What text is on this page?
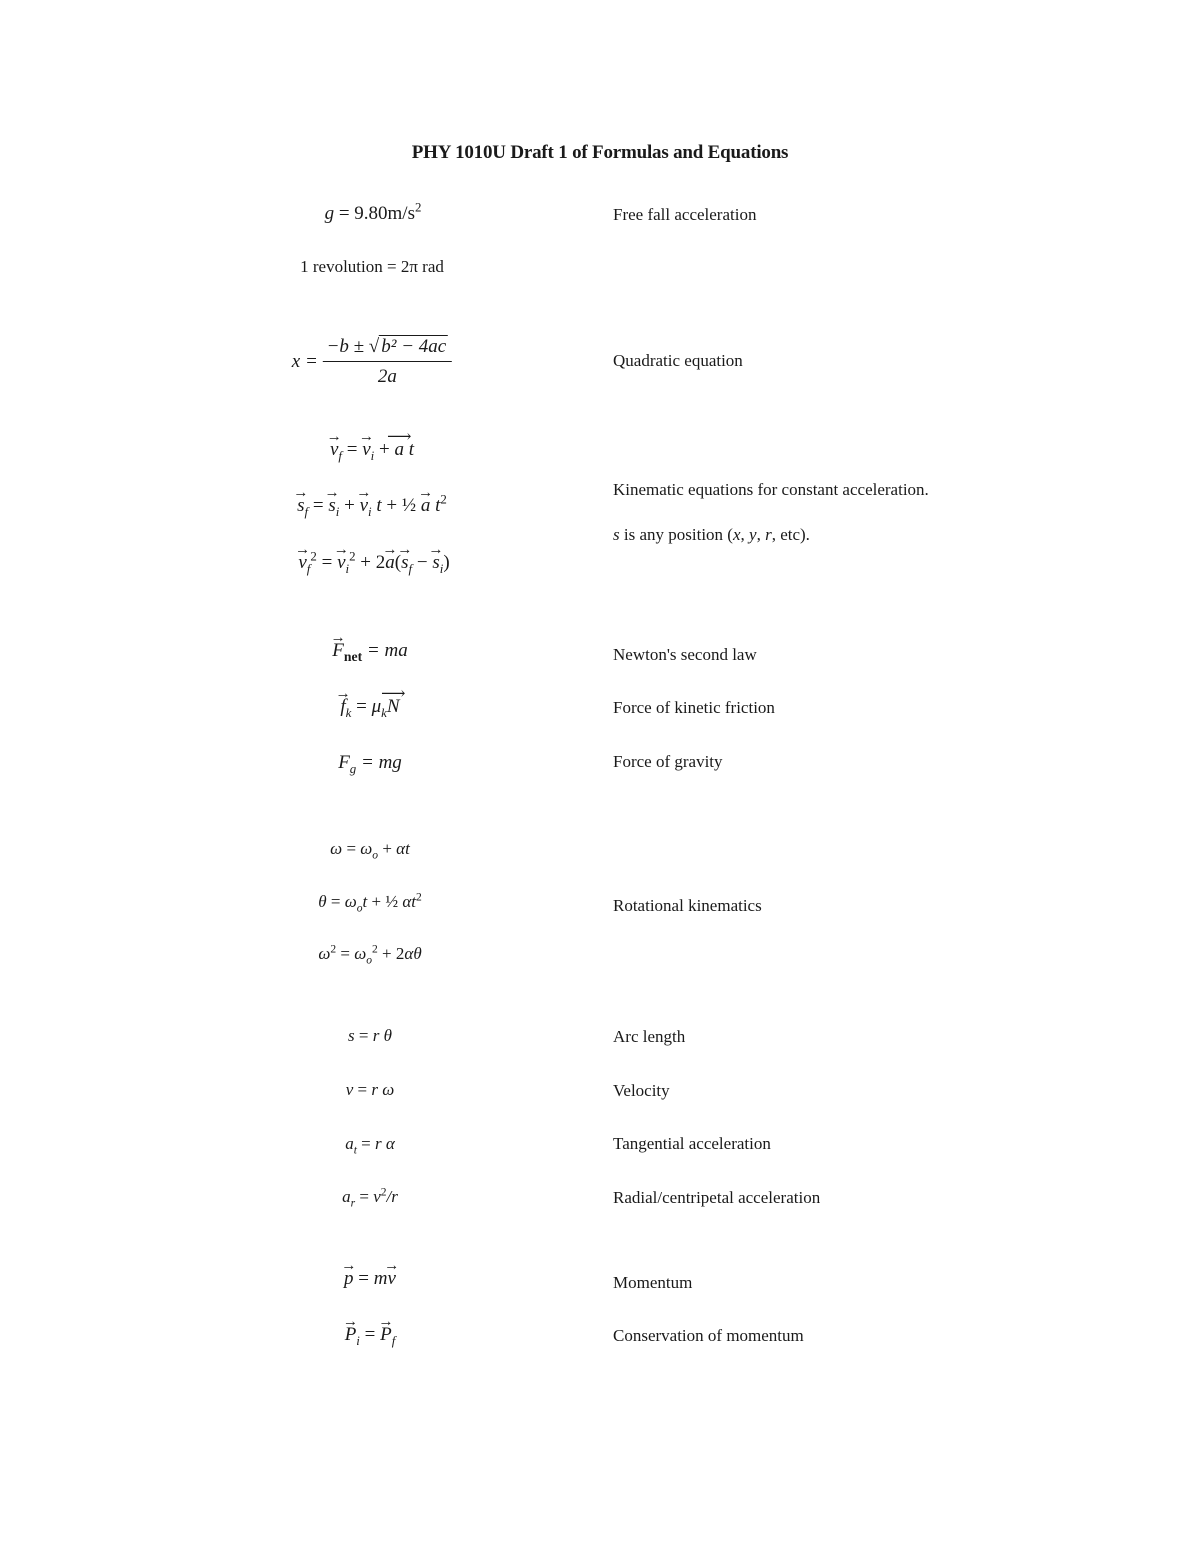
PHY 1010U Draft 1 of Formulas and Equations
$g = 9.80m/s^2$	Free fall acceleration
1 revolution = 2π rad
$x = \frac{\text{−b ± √ b² − 4ac}}{2a}$	Quadratic equation
→ $v_f$ = → $v_i$ + ⟶ a t
→ $s_f$ = → $s_i$ + → $v_i$ t + ½ → a $t^2$
→ $v_f^2$ = → $v_i^2 + 2\to a(\to s_f$ − → $s_i$)
Kinematic equations for constant acceleration.
s is any position (x, y, r, etc).
→ $F_{net}$ = ma	Newton's second law
→ $f_k$ = $\mu_k⟶$ N	Force of kinetic friction
$F_g$ = mg	Force of gravity
$\omega = \omega_o + \alpha t$
$\theta = \omega_ot$ + ½ $\alpha t^2$
$\omega^2 = \omega_o^2 + 2\alpha\theta$
Rotational kinematics
s = r θ	Arc length
v = r ω	Velocity
$a_t = r$ α	Tangential acceleration
$a_r = v^2/r$	Radial/centripetal acceleration
→ p = m→ v	Momentum
→ $P_i$ = → $P_f$	Conservation of momentum
